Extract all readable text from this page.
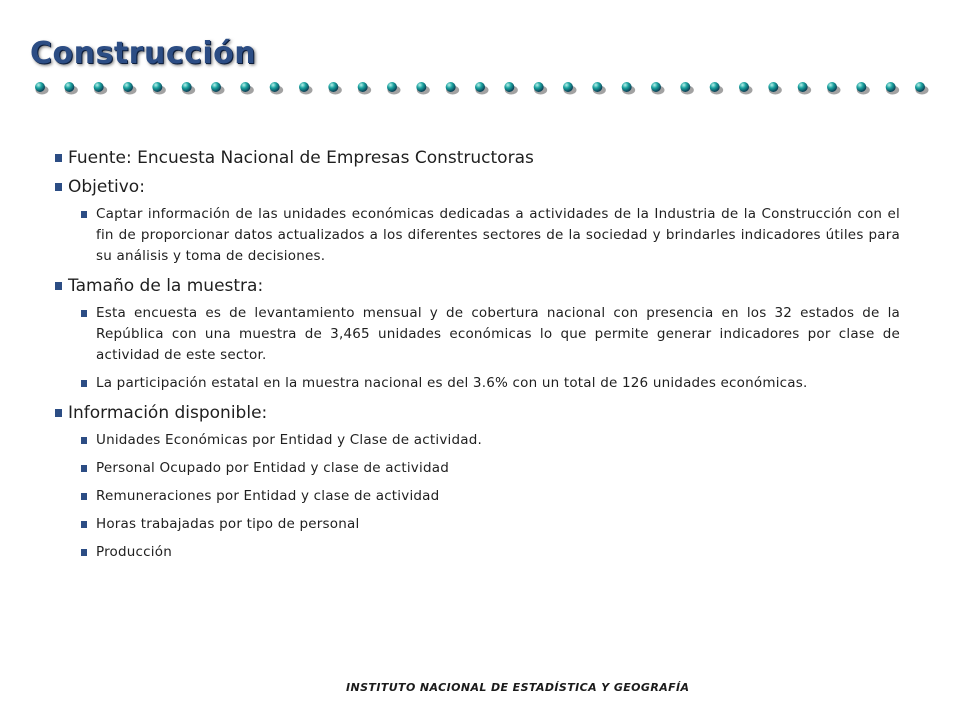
Construcción
Fuente: Encuesta Nacional de Empresas Constructoras
Objetivo:
Captar información de las unidades económicas dedicadas a actividades de la Industria de la Construcción con el fin de proporcionar datos actualizados a los diferentes sectores de la sociedad y brindarles indicadores útiles para su análisis y toma de decisiones.
Tamaño de la muestra:
Esta encuesta es de levantamiento mensual y de cobertura nacional con presencia en los 32 estados de la República con una muestra de 3,465 unidades económicas lo que permite generar indicadores por clase de actividad de este sector.
La participación estatal en la muestra nacional es del 3.6% con un total de 126 unidades económicas.
Información disponible:
Unidades Económicas por Entidad y Clase de actividad.
Personal Ocupado por Entidad y clase de actividad
Remuneraciones por Entidad y clase de actividad
Horas trabajadas por tipo de personal
Producción
INSTITUTO NACIONAL DE ESTADÍSTICA Y GEOGRAFÍA
